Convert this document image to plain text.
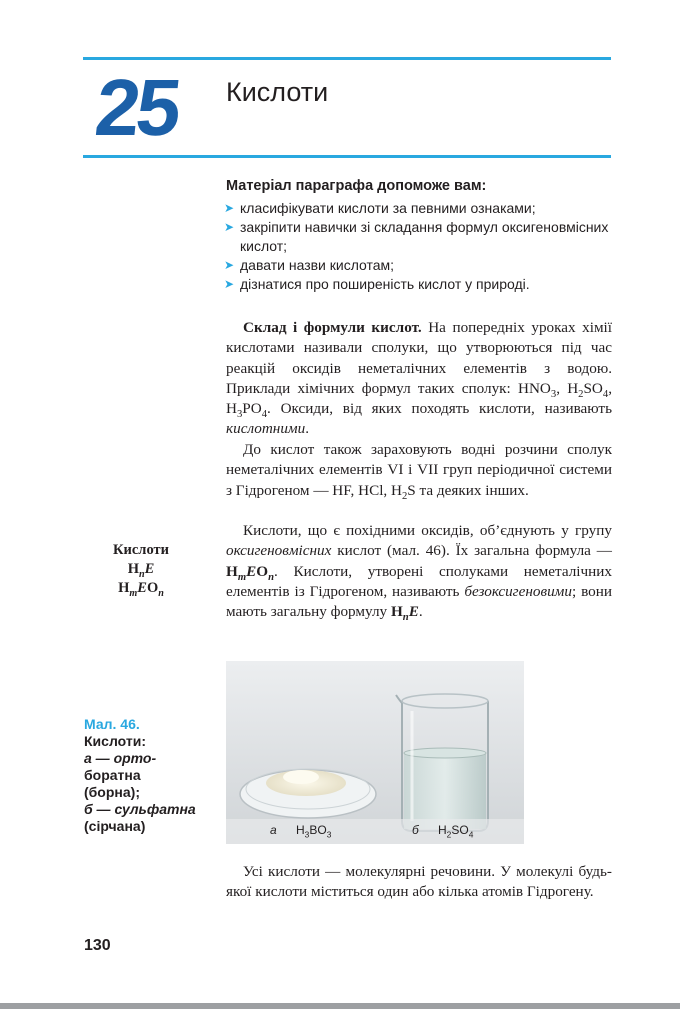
25 Кислоти
Матеріал параграфа допоможе вам:
➤ класифікувати кислоти за певними ознаками;
➤ закріпити навички зі складання формул оксигеновмісних кислот;
➤ давати назви кислотам;
➤ дізнатися про поширеність кислот у природі.

Склад і формули кислот. На попередніх уроках хімії кислотами називали сполуки, що утворюються під час реакцій оксидів неметалічних елементів з водою. Приклади хімічних формул таких сполук: $HNO_3$, $H_2SO_4$, $H_3PO_4$. Оксиди, від яких походять кислоти, називають кислотними.

До кислот також зараховують водні розчини сполук неметалічних елементів VI і VII груп періодичної системи з Гідрогеном — HF, HCl, $H_2S$ та деяких інших.

Кислоти, що є похідними оксидів, об’єднують у групу оксигеновмісних кислот (мал. 46). Їх загальна формула — $H_mEO_n$. Кислоти, утворені сполуками неметалічних елементів із Гідрогеном, називають безоксигеновими; вони мають загальну формулу $H_nE$.

Кислоти
$H_nE$
$H_mEO_n$
а $H_3BO_3$	б $H_2SO_4$
Мал. 46.
Кислоти:
а — орто-
боратна
(борна);
б — сульфатна
(сірчана)

Усі кислоти — молекулярні речовини. У молекулі будь-якої кислоти міститься один або кілька атомів Гідрогену.

130
